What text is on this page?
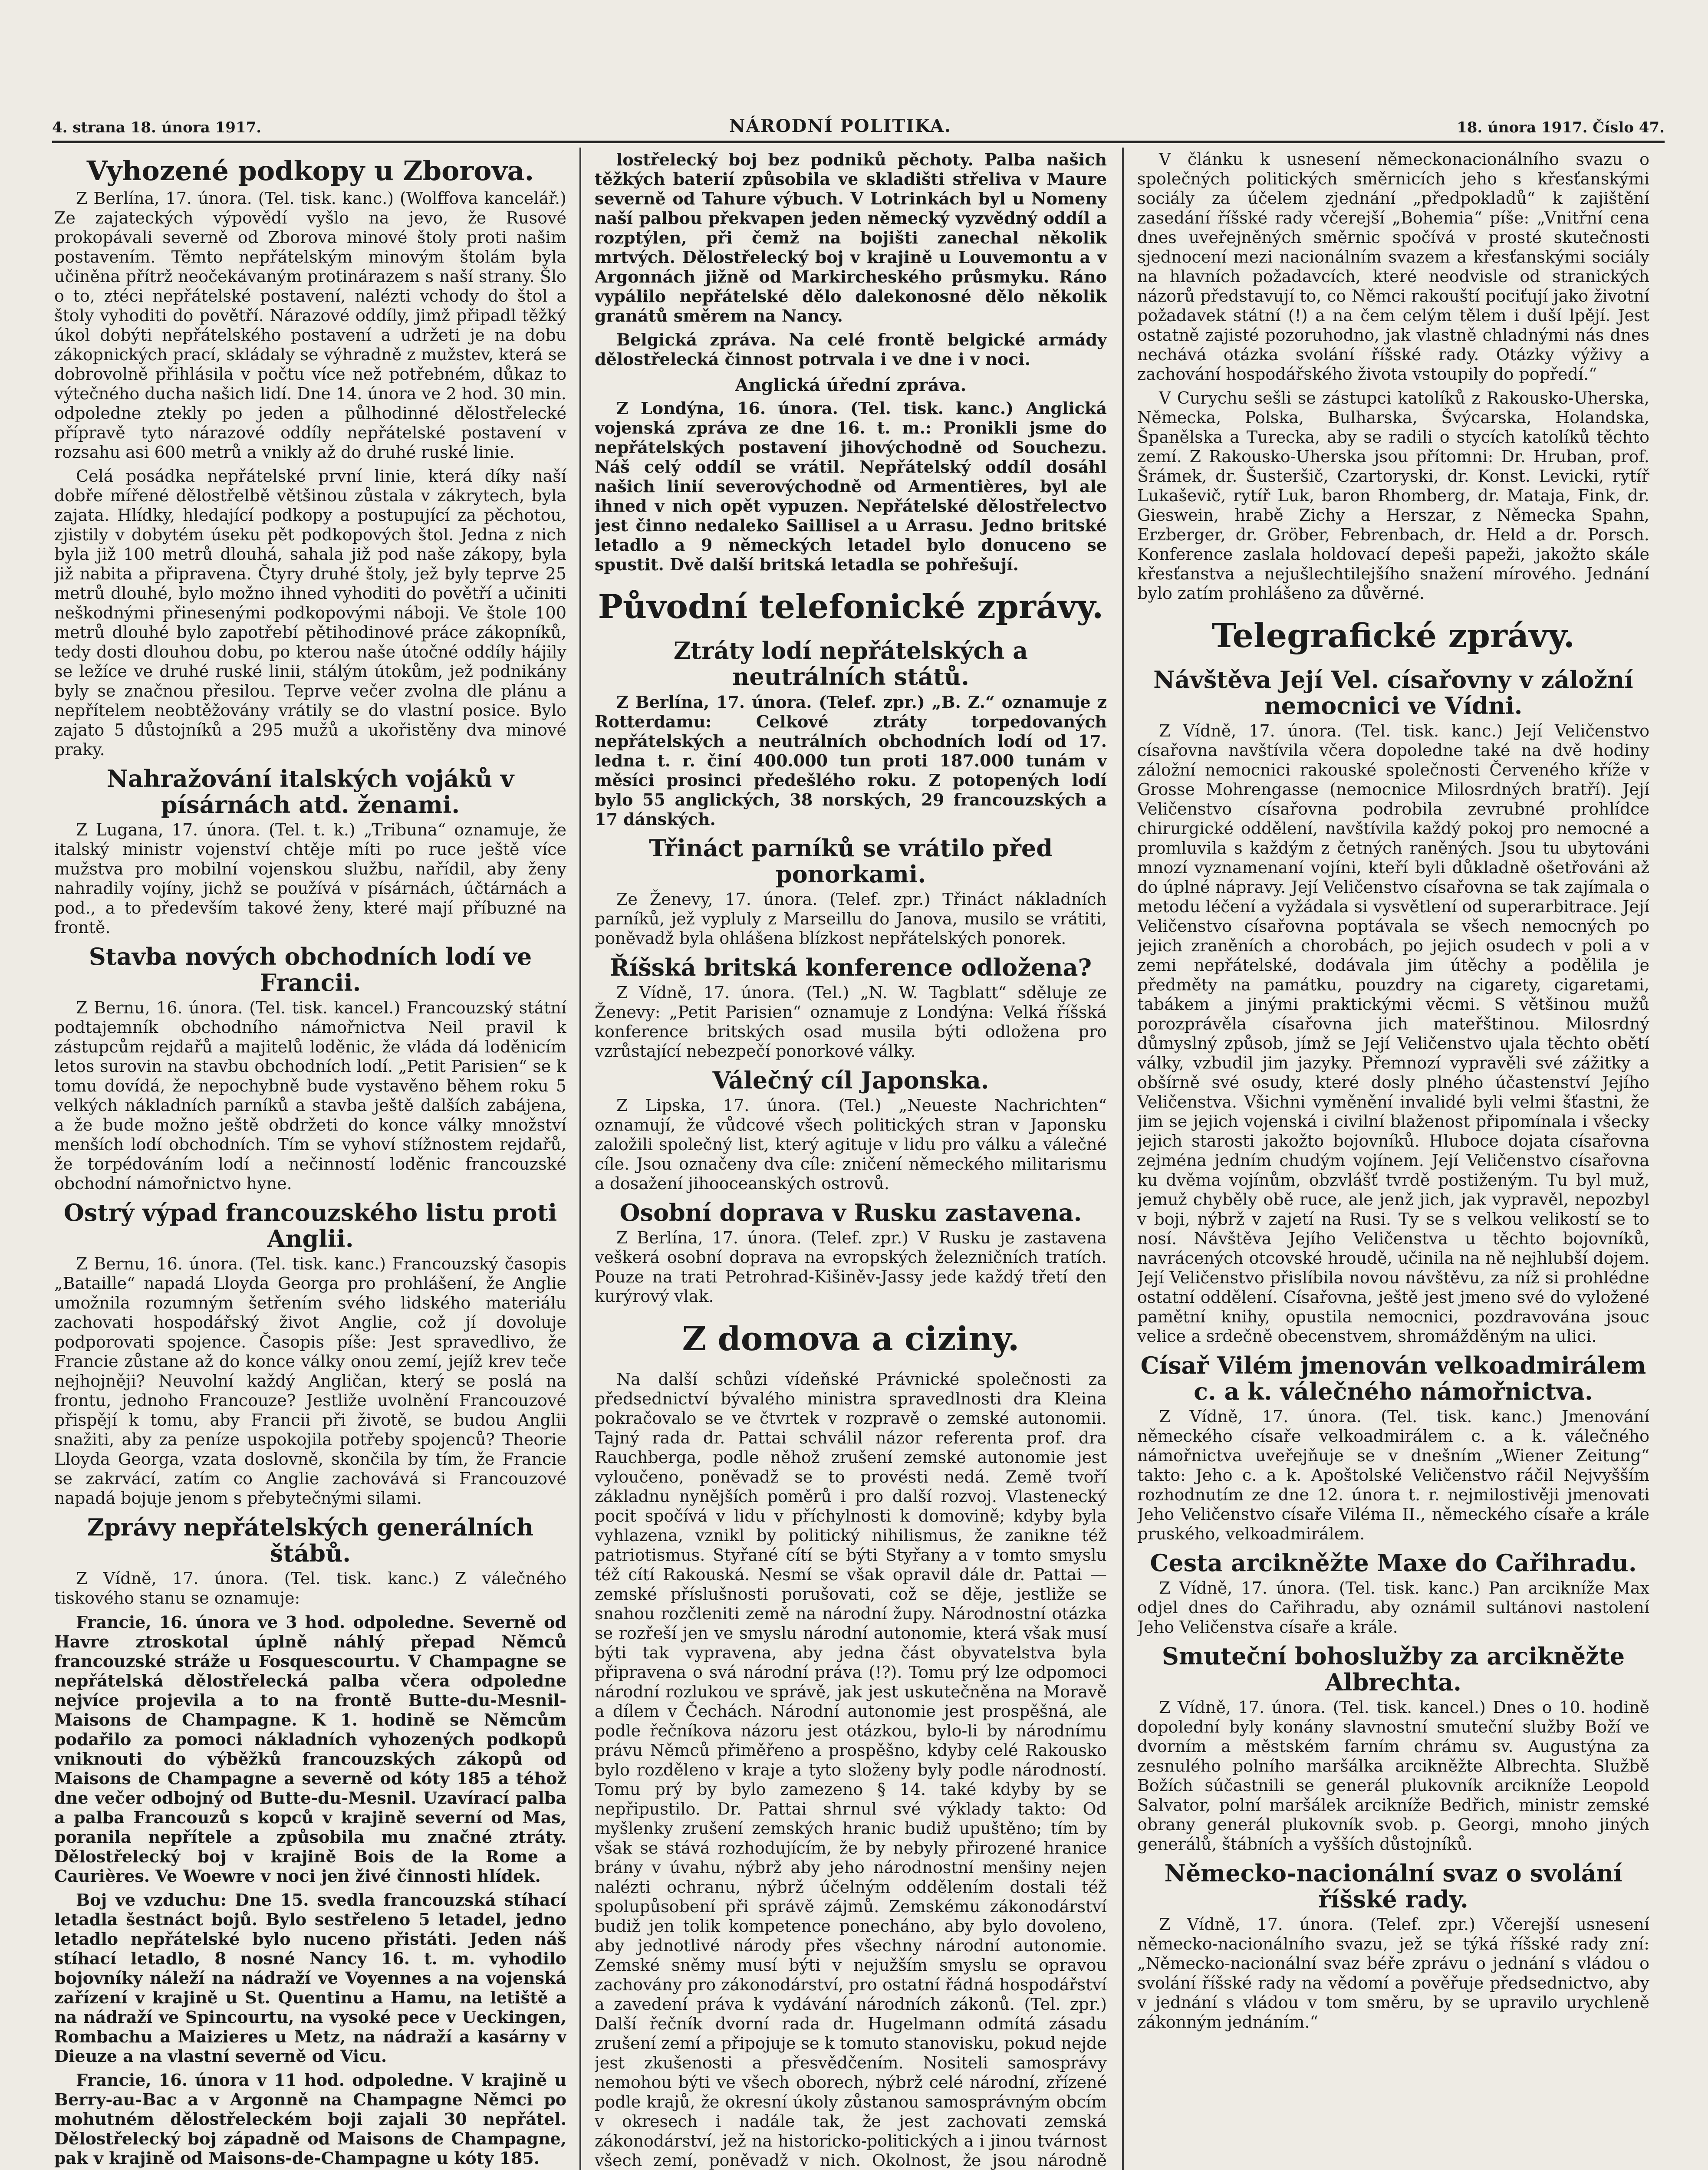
4. strana 18. února 1917.	NÁRODNÍ POLITIKA.	18. února 1917. Číslo 47.
Vyhozené podkopy u Zborova.
Z Berlína, 17. února. (Tel. tisk. kanc.) (Wolffova kancelář.) Ze zajateckých výpovědí vyšlo na jevo, že Rusové prokopávali severně od Zborova minové štoly proti našim postavením. Těmto nepřátelským minovým štolám byla učiněna přítrž neočekávaným protinárazem s naší strany. Šlo o to, ztéci nepřátelské postavení, nalézti vchody do štol a štoly vyhoditi do povětří. Nárazové oddíly, jimž připadl těžký úkol dobýti nepřátelského postavení a udržeti je na dobu zákopnických prací, skládaly se výhradně z mužstev, která se dobrovolně přihlásila v počtu více než potřebném, důkaz to výtečného ducha našich lidí. Dne 14. února ve 2 hod. 30 min. odpoledne ztekly po jeden a půlhodinné dělostřelecké přípravě tyto nárazové oddíly nepřátelské postavení v rozsahu asi 600 metrů a vnikly až do druhé ruské linie.
Celá posádka nepřátelské první linie, která díky naší dobře mířené dělostřelbě většinou zůstala v zákrytech, byla zajata. Hlídky, hledající podkopy a postupující za pěchotou, zjistily v dobytém úseku pět podkopových štol. Jedna z nich byla již 100 metrů dlouhá, sahala již pod naše zákopy, byla již nabita a připravena. Čtyry druhé štoly, jež byly teprve 25 metrů dlouhé, bylo možno ihned vyhoditi do povětří a učiniti neškodnými přinesenými podkopovými náboji. Ve štole 100 metrů dlouhé bylo zapotřebí pětihodinové práce zákopníků, tedy dosti dlouhou dobu, po kterou naše útočné oddíly hájily se ležíce ve druhé ruské linii, stálým útokům, jež podnikány byly se značnou přesilou. Teprve večer zvolna dle plánu a nepřítelem neobtěžovány vrátily se do vlastní posice. Bylo zajato 5 důstojníků a 295 mužů a ukořistěny dva minové praky.
Nahražování italských vojáků v písárnách atd. ženami.
Z Lugana, 17. února. (Tel. t. k.) „Tribuna“ oznamuje, že italský ministr vojenství chtěje míti po ruce ještě více mužstva pro mobilní vojenskou službu, nařídil, aby ženy nahradily vojíny, jichž se používá v písárnách, účtárnách a pod., a to především takové ženy, které mají příbuzné na frontě.
Stavba nových obchodních lodí ve Francii.
Z Bernu, 16. února. (Tel. tisk. kancel.) Francouzský státní podtajemník obchodního námořnictva Neil pravil k zástupcům rejdařů a majitelů loděnic, že vláda dá loděnicím letos surovin na stavbu obchodních lodí. „Petit Parisien“ se k tomu dovídá, že nepochybně bude vystavěno během roku 5 velkých nákladních parníků a stavba ještě dalších zabájena, a že bude možno ještě obdržeti do konce války množství menších lodí obchodních. Tím se vyhoví stížnostem rejdařů, že torpédováním lodí a nečinností loděnic francouzské obchodní námořnictvo hyne.
Ostrý výpad francouzského listu proti Anglii.
Z Bernu, 16. února. (Tel. tisk. kanc.) Francouzský časopis „Bataille“ napadá Lloyda Georga pro prohlášení, že Anglie umožnila rozumným šetřením svého lidského materiálu zachovati hospodářský život Anglie, což jí dovoluje podporovati spojence. Časopis píše: Jest spravedlivo, že Francie zůstane až do konce války onou zemí, jejíž krev teče nejhojněji? Neuvolní každý Angličan, který se poslá na frontu, jednoho Francouze? Jestliže uvolnění Francouzové přispějí k tomu, aby Francii při životě, se budou Anglii snažiti, aby za peníze uspokojila potřeby spojenců? Theorie Lloyda Georga, vzata doslovně, skončila by tím, že Francie se zakrvácí, zatím co Anglie zachovává si Francouzové napadá bojuje jenom s přebytečnými silami.
Zprávy nepřátelských generálních štábů.
Z Vídně, 17. února. (Tel. tisk. kanc.) Z válečného tiskového stanu se oznamuje:
Francie, 16. února ve 3 hod. odpoledne. Severně od Havre ztroskotal úplně náhlý přepad Němců francouzské stráže u Fosquescourtu. V Champagne se nepřátelská dělostřelecká palba včera odpoledne nejvíce projevila a to na frontě Butte-du-Mesnil-Maisons de Champagne. K 1. hodině se Němcům podařilo za pomoci nákladních vyhozených podkopů vniknouti do výběžků francouzských zákopů od Maisons de Champagne a severně od kóty 185 a téhož dne večer odbojný od Butte-du-Mesnil. Uzavírací palba a palba Francouzů s kopců v krajině severní od Mas, poranila nepřítele a způsobila mu značné ztráty. Dělostřelecký boj v krajině Bois de la Rome a Caurières. Ve Woewre v noci jen živé činnosti hlídek.
Boj ve vzduchu: Dne 15. svedla francouzská stíhací letadla šestnáct bojů. Bylo sestřeleno 5 letadel, jedno letadlo nepřátelské bylo nuceno přistáti. Jeden náš stíhací letadlo, 8 nosné Nancy 16. t. m. vyhodilo bojovníky náleží na nádraží ve Voyennes a na vojenská zařízení v krajině u St. Quentinu a Hamu, na letiště a na nádraží ve Spincourtu, na vysoké pece v Ueckingen, Rombachu a Maizieres u Metz, na nádraží a kasárny v Dieuze a na vlastní severně od Vicu.
Francie, 16. února v 11 hod. odpoledne. V krajině u Berry-au-Bac a v Argonně na Champagne Němci po mohutném dělostřeleckém boji zajali 30 nepřátel. Dělostřelecký boj západně od Maisons de Champagne, pak v krajině od Maisons-de-Champagne u kóty 185.
lostřelecký boj bez podniků pěchoty. Palba našich těžkých baterií způsobila ve skladišti střeliva v Maure severně od Tahure výbuch. V Lotrinkách byl u Nomeny naší palbou překvapen jeden německý vyzvědný oddíl a rozptýlen, při čemž na bojišti zanechal několik mrtvých. Dělostřelecký boj v krajině u Louvemontu a v Argonnách jižně od Markircheského průsmyku. Ráno vypálilo nepřátelské dělo dalekonosné dělo několik granátů směrem na Nancy.
Belgická zpráva. Na celé frontě belgické armády dělostřelecká činnost potrvala i ve dne i v noci.
Anglická úřední zpráva.
Z Londýna, 16. února. (Tel. tisk. kanc.) Anglická vojenská zpráva ze dne 16. t. m.: Pronikli jsme do nepřátelských postavení jihovýchodně od Souchezu. Náš celý oddíl se vrátil. Nepřátelský oddíl dosáhl našich linií severovýchodně od Armentières, byl ale ihned v nich opět vypuzen. Nepřátelské dělostřelectvo jest činno nedaleko Saillisel a u Arrasu. Jedno britské letadlo a 9 německých letadel bylo donuceno se spustit. Dvě další britská letadla se pohřešují.
Původní telefonické zprávy.
Ztráty lodí nepřátelských a neutrálních států.
Z Berlína, 17. února. (Telef. zpr.) „B. Z.“ oznamuje z Rotterdamu: Celkové ztráty torpedovaných nepřátelských a neutrálních obchodních lodí od 17. ledna t. r. činí 400.000 tun proti 187.000 tunám v měsíci prosinci předešlého roku. Z potopených lodí bylo 55 anglických, 38 norských, 29 francouzských a 17 dánských.
Třináct parníků se vrátilo před ponorkami.
Ze Ženevy, 17. února. (Telef. zpr.) Třináct nákladních parníků, jež vypluly z Marseillu do Janova, musilo se vrátiti, poněvadž byla ohlášena blízkost nepřátelských ponorek.
Říšská britská konference odložena?
Z Vídně, 17. února. (Tel.) „N. W. Tagblatt“ sděluje ze Ženevy: „Petit Parisien“ oznamuje z Londýna: Velká říšská konference britských osad musila býti odložena pro vzrůstající nebezpečí ponorkové války.
Válečný cíl Japonska.
Z Lipska, 17. února. (Tel.) „Neueste Nachrichten“ oznamují, že vůdcové všech politických stran v Japonsku založili společný list, který agituje v lidu pro válku a válečné cíle. Jsou označeny dva cíle: zničení německého militarismu a dosažení jihooceanských ostrovů.
Osobní doprava v Rusku zastavena.
Z Berlína, 17. února. (Telef. zpr.) V Rusku je zastavena veškerá osobní doprava na evropských železničních tratích. Pouze na trati Petrohrad-Kišiněv-Jassy jede každý třetí den kurýrový vlak.
Z domova a ciziny.
Na další schůzi vídeňské Právnické společnosti za předsednictví bývalého ministra spravedlnosti dra Kleina pokračovalo se ve čtvrtek v rozpravě o zemské autonomii. Tajný rada dr. Pattai schválil názor referenta prof. dra Rauchberga, podle něhož zrušení zemské autonomie jest vyloučeno, poněvadž se to provésti nedá. Země tvoří základnu nynějších poměrů i pro další rozvoj. Vlastenecký pocit spočívá v lidu v příchylnosti k domovině; kdyby byla vyhlazena, vznikl by politický nihilismus, že zanikne též patriotismus. Styřané cítí se býti Styřany a v tomto smyslu též cítí Rakouská. Nesmí se však opravil dále dr. Pattai — zemské příslušnosti porušovati, což se děje, jestliže se snahou rozčleniti země na národní župy. Národnostní otázka se rozřeší jen ve smyslu národní autonomie, která však musí býti tak vypravena, aby jedna část obyvatelstva byla připravena o svá národní práva (!?). Tomu prý lze odpomoci národní rozlukou ve správě, jak jest uskutečněna na Moravě a dílem v Čechách. Národní autonomie jest prospěšná, ale podle řečníkova názoru jest otázkou, bylo-li by národnímu právu Němců přiměřeno a prospěšno, kdyby celé Rakousko bylo rozděleno v kraje a tyto složeny byly podle národností. Tomu prý by bylo zamezeno § 14. také kdyby by se nepřipustilo. Dr. Pattai shrnul své výklady takto: Od myšlenky zrušení zemských hranic budiž upuštěno; tím by však se stává rozhodujícím, že by nebyly přirozené hranice brány v úvahu, nýbrž aby jeho národnostní menšiny nejen nalézti ochranu, nýbrž účelným oddělením dostali též spolupůsobení při správě zájmů. Zemskému zákonodárství budiž jen tolik kompetence ponecháno, aby bylo dovoleno, aby jednotlivé národy přes všechny národní autonomie. Zemské sněmy musí býti v nejužším smyslu se opravou zachovány pro zákonodárství, pro ostatní řádná hospodářství a zavedení práva k vydávání národních zákonů. (Tel. zpr.) Další řečník dvorní rada dr. Hugelmann odmítá zásadu zrušení zemí a připojuje se k tomuto stanovisku, pokud nejde jest zkušenosti a přesvědčením. Nositeli samosprávy nemohou býti ve všech oborech, nýbrž celé národní, zřízené podle krajů, že okresní úkoly zůstanou samosprávným obcím v okresech i nadále tak, že jest zachovati zemská zákonodárství, jež na historicko-politických a i jinou tvárnost všech zemí, poněvadž v nich. Okolnost, že jsou národně
V článku k usnesení německonacionálního svazu o společných politických směrnicích jeho s křesťanskými sociály za účelem zjednání „předpokladů“ k zajištění zasedání říšské rady včerejší „Bohemia“ píše: „Vnitřní cena dnes uveřejněných směrnic spočívá v prosté skutečnosti sjednocení mezi nacionálním svazem a křesťanskými sociály na hlavních požadavcích, které neodvisle od stranických názorů představují to, co Němci rakouští pociťují jako životní požadavek státní (!) a na čem celým tělem i duší lpějí. Jest ostatně zajisté pozoruhodno, jak vlastně chladnými nás dnes nechává otázka svolání říšské rady. Otázky výživy a zachování hospodářského života vstoupily do popředí.“
V Curychu sešli se zástupci katolíků z Rakousko-Uherska, Německa, Polska, Bulharska, Švýcarska, Holandska, Španělska a Turecka, aby se radili o stycích katolíků těchto zemí. Z Rakousko-Uherska jsou přítomni: Dr. Hruban, prof. Šrámek, dr. Šusteršič, Czartoryski, dr. Konst. Levicki, rytíř Lukaševič, rytíř Luk, baron Rhomberg, dr. Mataja, Fink, dr. Gieswein, hrabě Zichy a Herszar, z Německa Spahn, Erzberger, dr. Gröber, Febrenbach, dr. Held a dr. Porsch. Konference zaslala holdovací depeši papeži, jakožto skále křesťanstva a nejušlechtilejšího snažení mírového. Jednání bylo zatím prohlášeno za důvěrné.
Telegrafické zprávy.
Návštěva Její Vel. císařovny v záložní nemocnici ve Vídni.
Z Vídně, 17. února. (Tel. tisk. kanc.) Její Veličenstvo císařovna navštívila včera dopoledne také na dvě hodiny záložní nemocnici rakouské společnosti Červeného kříže v Grosse Mohrengasse (nemocnice Milosrdných bratří). Její Veličenstvo císařovna podrobila zevrubné prohlídce chirurgické oddělení, navštívila každý pokoj pro nemocné a promluvila s každým z četných raněných. Jsou tu ubytováni mnozí vyznamenaní vojíni, kteří byli důkladně ošetřováni až do úplné nápravy. Její Veličenstvo císařovna se tak zajímala o metodu léčení a vyžádala si vysvětlení od superarbitrace. Její Veličenstvo císařovna poptávala se všech nemocných po jejich zraněních a chorobách, po jejich osudech v poli a v zemi nepřátelské, dodávala jim útěchy a podělila je předměty na památku, pouzdry na cigarety, cigaretami, tabákem a jinými praktickými věcmi. S většinou mužů porozprávěla císařovna jich mateřštinou. Milosrdný důmyslný způsob, jímž se Její Veličenstvo ujala těchto obětí války, vzbudil jim jazyky. Přemnozí vypravěli své zážitky a obšírně své osudy, které dosly plného účastenství Jejího Veličenstva. Všichni vyměnění invalidé byli velmi šťastni, že jim se jejich vojenská i civilní blaženost připomínala i všecky jejich starosti jakožto bojovníků. Hluboce dojata císařovna zejména jedním chudým vojínem. Její Veličenstvo císařovna ku dvěma vojínům, obzvlášť tvrdě postiženým. Tu byl muž, jemuž chyběly obě ruce, ale jenž jich, jak vypravěl, nepozbyl v boji, nýbrž v zajetí na Rusi. Ty se s velkou velikostí se to nosí. Návštěva Jejího Veličenstva u těchto bojovníků, navrácených otcovské hroudě, učinila na ně nejhlubší dojem. Její Veličenstvo přislíbila novou návštěvu, za níž si prohlédne ostatní oddělení. Císařovna, ještě jest jmeno své do vyložené pamětní knihy, opustila nemocnici, pozdravována jsouc velice a srdečně obecenstvem, shromážděným na ulici.
Císař Vilém jmenován velkoadmirálem c. a k. válečného námořnictva.
Z Vídně, 17. února. (Tel. tisk. kanc.) Jmenování německého císaře velkoadmirálem c. a k. válečného námořnictva uveřejňuje se v dnešním „Wiener Zeitung“ takto: Jeho c. a k. Apoštolské Veličenstvo ráčil Nejvyšším rozhodnutím ze dne 12. února t. r. nejmilostivěji jmenovati Jeho Veličenstvo císaře Viléma II., německého císaře a krále pruského, velkoadmirálem.
Cesta arcikněžte Maxe do Cařihradu.
Z Vídně, 17. února. (Tel. tisk. kanc.) Pan arcikníže Max odjel dnes do Cařihradu, aby oznámil sultánovi nastolení Jeho Veličenstva císaře a krále.
Smuteční bohoslužby za arcikněžte Albrechta.
Z Vídně, 17. února. (Tel. tisk. kancel.) Dnes o 10. hodině dopolední byly konány slavnostní smuteční služby Boží ve dvorním a městském farním chrámu sv. Augustýna za zesnulého polního maršálka arcikněžte Albrechta. Službě Božích súčastnili se generál plukovník arcikníže Leopold Salvator, polní maršálek arcikníže Bedřich, ministr zemské obrany generál plukovník svob. p. Georgi, mnoho jiných generálů, štábních a vyšších důstojníků.
Německo-nacionální svaz o svolání říšské rady.
Z Vídně, 17. února. (Telef. zpr.) Včerejší usnesení německo-nacionálního svazu, jež se týká říšské rady zní: „Německo-nacionální svaz béře zprávu o jednání s vládou o svolání říšské rady na vědomí a pověřuje předsednictvo, aby v jednání s vládou v tom směru, by se upravilo urychleně zákonným jednáním.“
